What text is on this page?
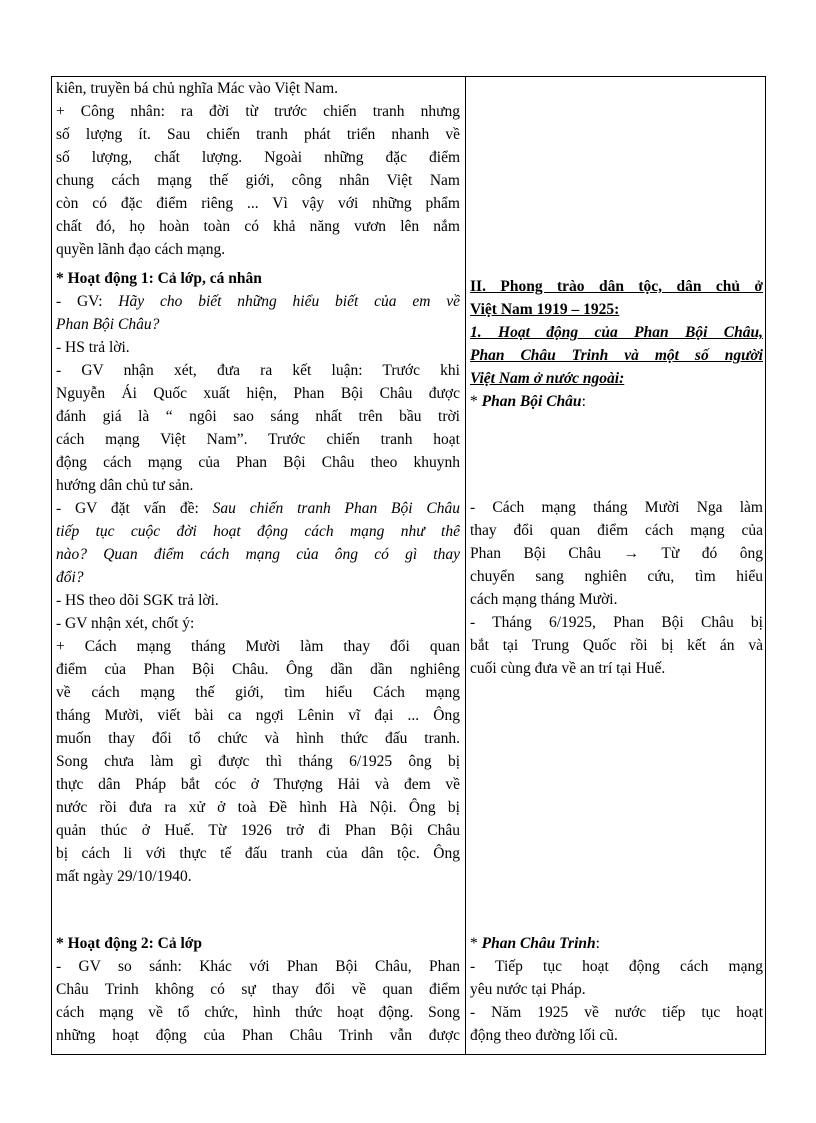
kiên, truyền bá chủ nghĩa Mác vào Việt Nam.
+ Công nhân: ra đời từ trước chiến tranh nhưng
số lượng ít. Sau chiến tranh phát triển nhanh về
số lượng, chất lượng. Ngoài những đặc điểm
chung cách mạng thế giới, công nhân Việt Nam
còn có đặc điểm riêng ... Vì vậy với những phẩm
chất đó, họ hoàn toàn có khả năng vươn lên nắm
quyền lãnh đạo cách mạng.
* Hoạt động 1: Cả lớp, cá nhân
- GV: Hãy cho biết những hiểu biết của em về
Phan Bội Châu?
- HS trả lời.
- GV nhận xét, đưa ra kết luận: Trước khi
Nguyễn Ái Quốc xuất hiện, Phan Bội Châu được
đánh giá là “ ngôi sao sáng nhất trên bầu trời
cách mạng Việt Nam”. Trước chiến tranh hoạt
động cách mạng của Phan Bội Châu theo khuynh
hướng dân chủ tư sản.
- GV đặt vấn đề: Sau chiến tranh Phan Bội Châu
tiếp tục cuộc đời hoạt động cách mạng như thế
nào? Quan điểm cách mạng của ông có gì thay
đổi?
- HS theo dõi SGK trả lời.
- GV nhận xét, chốt ý:
+ Cách mạng tháng Mười làm thay đổi quan
điểm của Phan Bội Châu. Ông dần dần nghiêng
về cách mạng thế giới, tìm hiểu Cách mạng
tháng Mười, viết bài ca ngợi Lênin vĩ đại ... Ông
muốn thay đổi tổ chức và hình thức đấu tranh.
Song chưa làm gì được thì tháng 6/1925 ông bị
thực dân Pháp bắt cóc ở Thượng Hải và đem về
nước rồi đưa ra xử ở toà Đề hình Hà Nội. Ông bị
quản thúc ở Huế. Từ 1926 trở đi Phan Bội Châu
bị cách li với thực tế đấu tranh của dân tộc. Ông
mất ngày 29/10/1940.
* Hoạt động 2: Cả lớp
- GV so sánh: Khác với Phan Bội Châu, Phan
Châu Trinh không có sự thay đổi về quan điểm
cách mạng về tổ chức, hình thức hoạt động. Song
những hoạt động của Phan Châu Trinh vẫn được
II. Phong trào dân tộc, dân chủ ở
Việt Nam 1919 – 1925:
1. Hoạt động của Phan Bội Châu,
Phan Châu Trinh và một số người
Việt Nam ở nước ngoài:
* Phan Bội Châu:
- Cách mạng tháng Mười Nga làm
thay đổi quan điểm cách mạng của
Phan Bội Châu → Từ đó ông
chuyển sang nghiên cứu, tìm hiểu
cách mạng tháng Mười.
- Tháng 6/1925, Phan Bội Châu bị
bắt tại Trung Quốc rồi bị kết án và
cuối cùng đưa về an trí tại Huế.
* Phan Châu Trinh:
- Tiếp tục hoạt động cách mạng
yêu nước tại Pháp.
- Năm 1925 về nước tiếp tục hoạt
động theo đường lối cũ.
